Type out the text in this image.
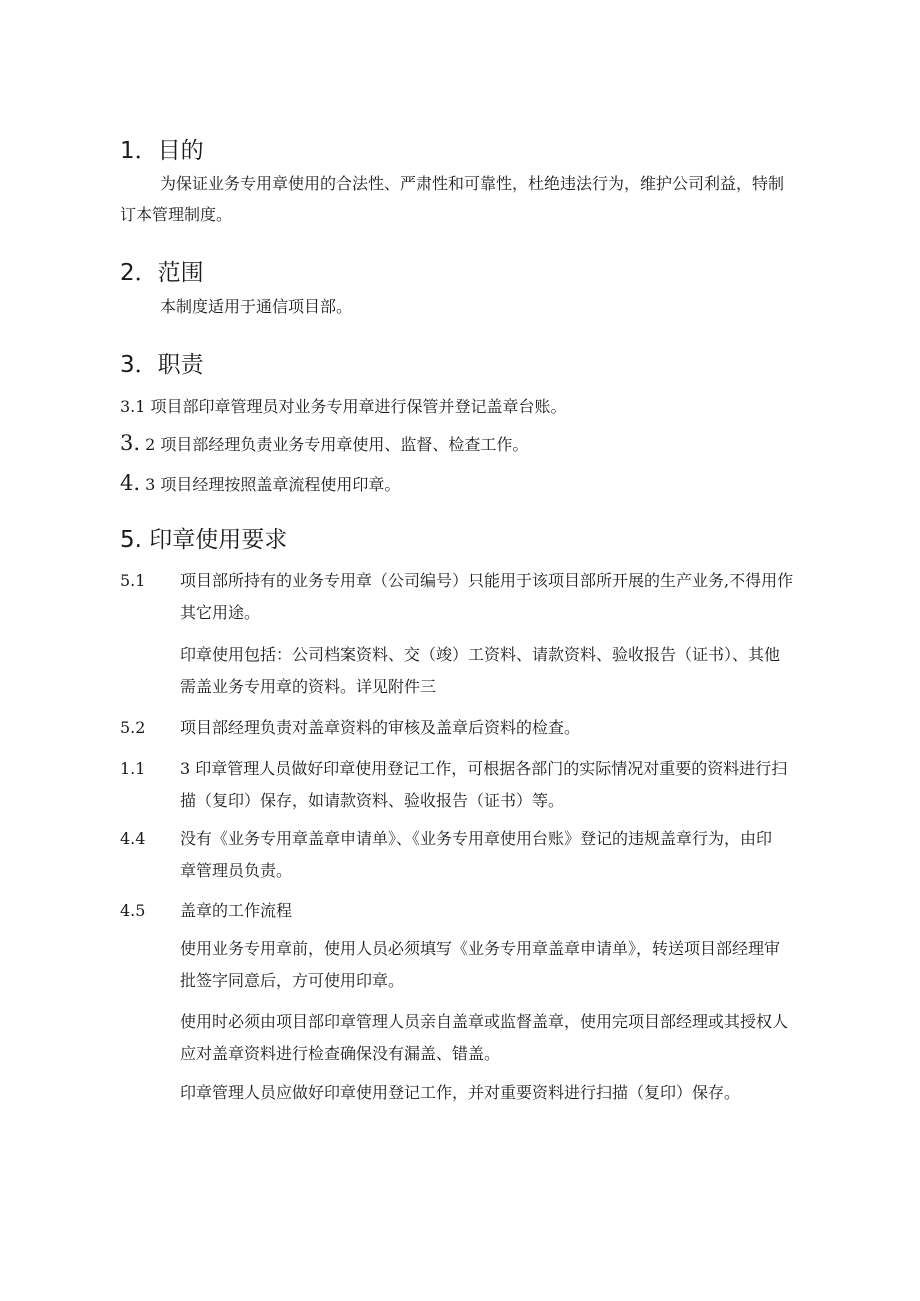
1．目的
为保证业务专用章使用的合法性、严肃性和可靠性，杜绝违法行为，维护公司利益，特制
订本管理制度。
2．范围
本制度适用于通信项目部。
3．职责
3.1 项目部印章管理员对业务专用章进行保管并登记盖章台账。
3. 2 项目部经理负责业务专用章使用、监督、检查工作。
4. 3 项目经理按照盖章流程使用印章。
5. 印章使用要求
5.1 项目部所持有的业务专用章（公司编号）只能用于该项目部所开展的生产业务,不得用作
其它用途。
印章使用包括：公司档案资料、交（竣）工资料、请款资料、验收报告（证书）、其他
需盖业务专用章的资料。详见附件三
5.2 项目部经理负责对盖章资料的审核及盖章后资料的检查。
1.1 3 印章管理人员做好印章使用登记工作，可根据各部门的实际情况对重要的资料进行扫
描（复印）保存，如请款资料、验收报告（证书）等。
4.4 没有《业务专用章盖章申请单》、《业务专用章使用台账》登记的违规盖章行为，由印
章管理员负责。
4.5 盖章的工作流程
使用业务专用章前，使用人员必须填写《业务专用章盖章申请单》，转送项目部经理审
批签字同意后，方可使用印章。
使用时必须由项目部印章管理人员亲自盖章或监督盖章，使用完项目部经理或其授权人
应对盖章资料进行检查确保没有漏盖、错盖。
印章管理人员应做好印章使用登记工作，并对重要资料进行扫描（复印）保存。
